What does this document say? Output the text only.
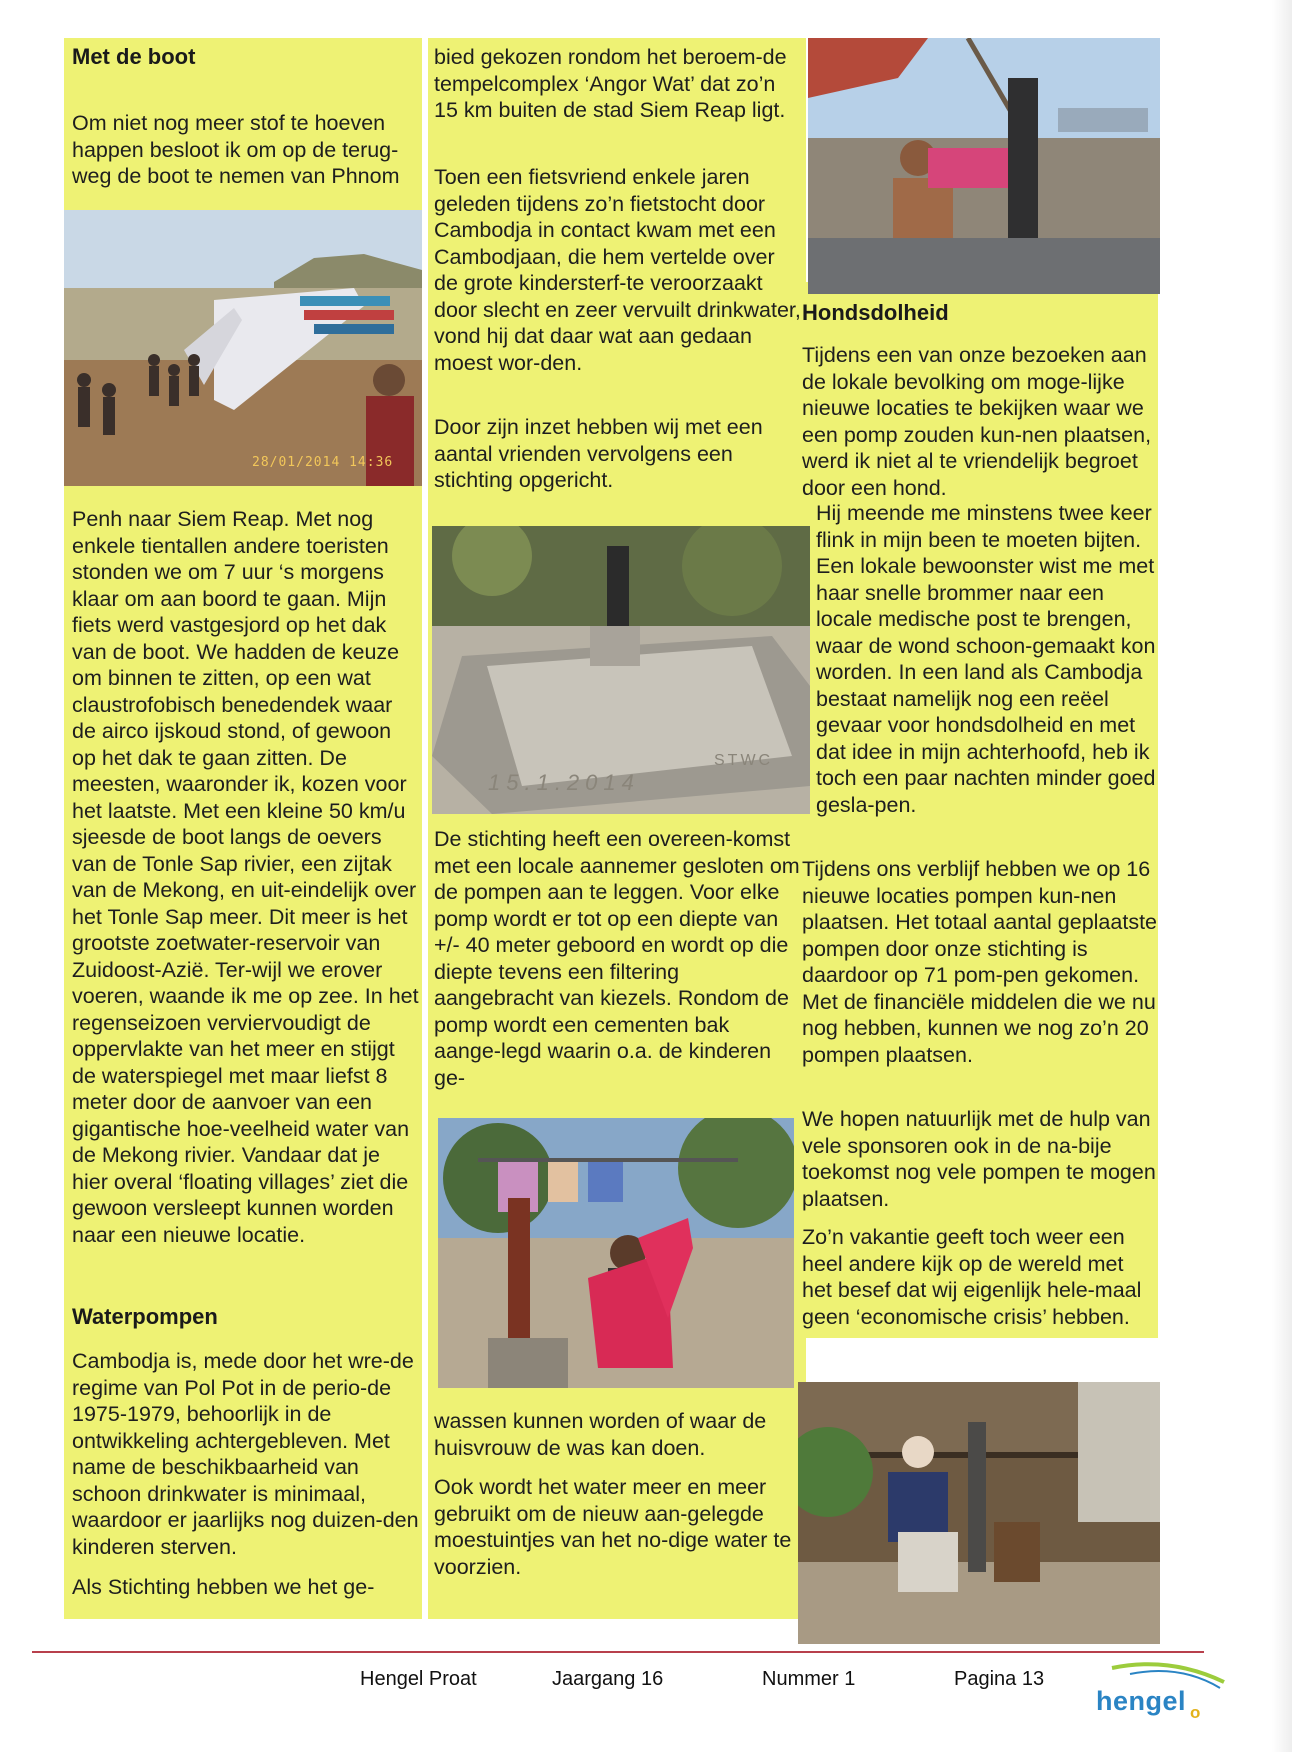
Met de boot
Om niet nog meer stof te hoeven happen besloot ik om op de terug-weg de boot te nemen van Phnom
28/01/2014 14:36
Penh naar Siem Reap. Met nog enkele tientallen andere toeristen stonden we om 7 uur ‘s morgens klaar om aan boord te gaan. Mijn fiets werd vastgesjord op het dak van de boot. We hadden de keuze om binnen te zitten, op een wat claustrofobisch benedendek waar de airco ijskoud stond, of gewoon op het dak te gaan zitten. De meesten, waaronder ik, kozen voor het laatste. Met een kleine 50 km/u sjeesde de boot langs de oevers van de Tonle Sap rivier, een zijtak van de Mekong, en uit-eindelijk over het Tonle Sap meer. Dit meer is het grootste zoetwater-reservoir van Zuidoost-Azië. Ter-wijl we erover voeren, waande ik me op zee. In het regenseizoen verviervoudigt de oppervlakte van het meer en stijgt de waterspiegel met maar liefst 8 meter door de aanvoer van een gigantische hoe-veelheid water van de Mekong rivier. Vandaar dat je hier overal ‘floating villages’ ziet die gewoon versleept kunnen worden naar een nieuwe locatie.
Waterpompen
Cambodja is, mede door het wre-de regime van Pol Pot in de perio-de 1975-1979, behoorlijk in de ontwikkeling achtergebleven. Met name de beschikbaarheid van schoon drinkwater is minimaal, waardoor er jaarlijks nog duizen-den kinderen sterven.
Als Stichting hebben we het ge-
bied gekozen rondom het beroem-de tempelcomplex ‘Angor Wat’ dat zo’n 15 km buiten de stad Siem Reap ligt.
Toen een fietsvriend enkele jaren geleden tijdens zo’n fietstocht door Cambodja in contact kwam met een Cambodjaan, die hem vertelde over de grote kindersterf-te veroorzaakt door slecht en zeer vervuilt drinkwater, vond hij dat daar wat aan gedaan moest wor-den.
Door zijn inzet hebben wij met een aantal vrienden vervolgens een stichting opgericht.
15.1.2014
STWC
De stichting heeft een overeen-komst met een locale aannemer gesloten om de pompen aan te leggen. Voor elke pomp wordt er tot op een diepte van +/- 40 meter geboord en wordt op die diepte tevens een filtering aangebracht van kiezels. Rondom de pomp wordt een cementen bak aange-legd waarin o.a. de kinderen ge-
wassen kunnen worden of waar de huisvrouw de was kan doen.
Ook wordt het water meer en meer gebruikt om de nieuw aan-gelegde moestuintjes van het no-dige water te voorzien.
Hondsdolheid
Tijdens een van onze bezoeken aan de lokale bevolking om moge-lijke nieuwe locaties te bekijken waar we een pomp zouden kun-nen plaatsen, werd ik niet al te vriendelijk begroet door een hond.
Hij meende me minstens twee keer flink in mijn been te moeten bijten. Een lokale bewoonster wist me met haar snelle brommer naar een locale medische post te brengen, waar de wond schoon-gemaakt kon worden. In een land als Cambodja bestaat namelijk nog een reëel gevaar voor hondsdolheid en met dat idee in mijn achterhoofd, heb ik toch een paar nachten minder goed gesla-pen.
Tijdens ons verblijf hebben we op 16 nieuwe locaties pompen kun-nen plaatsen. Het totaal aantal geplaatste pompen door onze stichting is daardoor op 71 pom-pen gekomen. Met de financiële middelen die we nu nog hebben, kunnen we nog zo’n 20 pompen plaatsen.
We hopen natuurlijk met de hulp van vele sponsoren ook in de na-bije toekomst nog vele pompen te mogen plaatsen.
Zo’n vakantie geeft toch weer een heel andere kijk op de wereld met het besef dat wij eigenlijk hele-maal geen ‘economische crisis’ hebben.
Hengel Proat	Jaargang 16	Nummer 1	Pagina 13
hengel o
